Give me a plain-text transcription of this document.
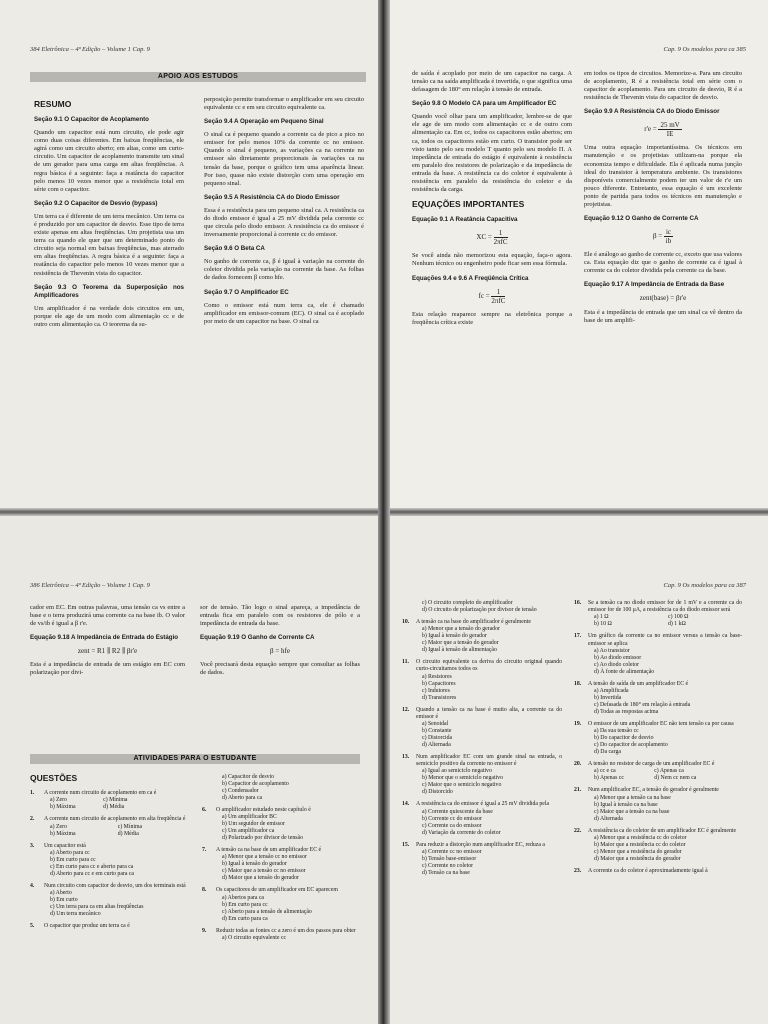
384 Eletrônica – 4ª Edição – Volume 1 Cap. 9
APOIO AOS ESTUDOS
RESUMO
Seção 9.1 O Capacitor de Acoplamento

Quando um capacitor está num circuito, ele pode agir como duas coisas diferentes. Em baixas freqüências, ele agirá como um circuito aberto; em altas, como um curto-circuito. Um capacitor de acoplamento transmite um sinal de um gerador para uma carga em altas freqüências. A regra básica é a seguinte: faça a reatância do capacitor pelo menos 10 vezes menor que a resistência total em série com o capacitor.

Seção 9.2 O Capacitor de Desvio (bypass)

Um terra ca é diferente de um terra mecânico. Um terra ca é produzido por um capacitor de desvio. Esse tipo de terra existe apenas em altas freqüências. Um projetista usa um terra ca quando ele quer que um determinado ponto do circuito seja normal em baixas freqüências, mas aterrado em altas freqüências. A regra básica é a seguinte: faça a reatância do capacitor pelo menos 10 vezes menor que a resistência de Thevenin vista do capacitor.

Seção 9.3 O Teorema da Superposição nos Amplificadores

Um amplificador é na verdade dois circuitos em um, porque ele age de um modo com alimentação cc e de outro com alimentação ca. O teorema da su-

perposição permite transformar o amplificador em seu circuito equivalente cc e em seu circuito equivalente ca.

Seção 9.4 A Operação em Pequeno Sinal

O sinal ca é pequeno quando a corrente ca de pico a pico no emissor for pelo menos 10% da corrente cc no emissor. Quando o sinal é pequeno, as variações ca na corrente no emissor são diretamente proporcionais às variações ca na tensão da base, porque o gráfico tem uma aparência linear. Por isso, quase não existe distorção com uma operação em pequeno sinal.

Seção 9.5 A Resistência CA do Diodo Emissor

Essa é a resistência para um pequeno sinal ca. A resistência ca do diodo emissor é igual a 25 mV dividida pela corrente cc que circula pelo diodo emissor. A resistência ca do emissor é inversamente proporcional à corrente cc do emissor.

Seção 9.6 O Beta CA

No ganho de corrente ca, β é igual à variação na corrente do coletor dividida pela variação na corrente da base. As folhas de dados fornecem β como hfe.

Seção 9.7 O Amplificador EC

Como o emissor está num terra ca, ele é chamado amplificador em emissor-comum (EC). O sinal ca é acoplado por meio de um capacitor na base. O sinal ca

Cap. 9 Os modelos para ca 385

de saída é acoplado por meio de um capacitor na carga. A tensão ca na saída amplificada é invertida, o que significa uma defasagem de 180° em relação à tensão de entrada.

Seção 9.8 O Modelo CA para um Amplificador EC

Quando você olhar para um amplificador, lembre-se de que ele age de um modo com alimentação cc e de outro com alimentação ca. Em cc, todos os capacitores estão abertos; em ca, todos os capacitores estão em curto. O transistor pode ser visto tanto pelo seu modelo T quanto pelo seu modelo Π. A impedância de entrada do estágio é equivalente à resistência em paralelo dos resistores de polarização e da impedância de entrada da base. A resistência ca do coletor é equivalente à resistência em paralelo da resistência do coletor e da resistência da carga.

EQUAÇÕES IMPORTANTES
Equação 9.1 A Reatância Capacitiva
XC = $\frac{1}{\text{2πfC}}$

Se você ainda não memorizou esta equação, faça-o agora. Nenhum técnico ou engenheiro pode ficar sem essa fórmula.

Equações 9.4 e 9.6 A Freqüência Crítica
fc = $\frac{1}{\text{2πfC}}$

Esta relação reaparece sempre na eletrônica porque a freqüência crítica existe

em todos os tipos de circuitos. Memorize-a. Para um circuito de acoplamento, R é a resistência total em série com o capacitor de acoplamento. Para um circuito de desvio, R é a resistência de Thevenin vista do capacitor de desvio.

Seção 9.9 A Resistência CA do Diodo Emissor
$r'e = \frac{25 mV}{IE}$

Uma outra equação importantíssima. Os técnicos em manutenção e os projetistas utilizam-na porque ela economiza tempo e dificuldade. Ela é aplicada numa junção ideal do transistor à temperatura ambiente. Os transistores disponíveis comercialmente podem ter um valor de r'e um pouco diferente. Entretanto, essa equação é um excelente ponto de partida para todos os técnicos em manutenção e projetistas.

Equação 9.12 O Ganho de Corrente CA
$\beta = \frac{ic}{ib}$

Ele é análogo ao ganho de corrente cc, exceto que usa valores ca. Esta equação diz que o ganho de corrente ca é igual à corrente ca do coletor dividida pela corrente ca da base.

Equação 9.17 A Impedância de Entrada da Base
zent(base) = βr'e

Esta é a impedância de entrada que um sinal ca vê dentro da base de um amplifi-

386 Eletrônica – 4ª Edição – Volume 1 Cap. 9

cador em EC. Em outras palavras, uma tensão ca vs entre a base e o terra produzirá uma corrente ca na base ib. O valor de vs/ib é igual a β r'e.

Equação 9.18 A Impedância de Entrada do Estágio
zent = R1 ∥ R2 ∥ βr'e

Esta é a impedância de entrada de um estágio em EC com polarização por divi-

sor de tensão. Tão logo o sinal apareça, a impedância de entrada fica em paralelo com os resistores de pólo e a impedância de entrada da base.

Equação 9.19 O Ganho de Corrente CA
β = hfe

Você precisará desta equação sempre que consultar as folhas de dados.

ATIVIDADES PARA O ESTUDANTE
QUESTÕES
1.	A corrente num circuito de acoplamento em ca é
a) Zero	c) Mínima
b) Máxima	d) Média
2.	A corrente num circuito de acoplamento em alta freqüência é
a) Zero	c) Mínima
b) Máxima	d) Média
3.	Um capacitor está
a) Aberto para cc
b) Em curto para cc
c) Em curto para cc e aberto para ca
d) Aberto para cc e em curto para ca
4.	Num circuito com capacitor de desvio, um dos terminais está
a) Aberto
b) Em curto
c) Um terra para ca em altas freqüências
d) Um terra mecânico
5.	O capacitor que produz um terra ca é
a) Capacitor de desvio
b) Capacitor de acoplamento
c) Condensador
d) Aberto para ca
6.	O amplificador estudado neste capítulo é
a) Um amplificador BC
b) Um seguidor de emissor
c) Um amplificador ca
d) Polarizado por divisor de tensão
7.	A tensão ca na base de um amplificador EC é
a) Menor que a tensão cc no emissor
b) Igual à tensão do gerador
c) Maior que a tensão cc no emissor
d) Maior que a tensão do gerador
8.	Os capacitores de um amplificador em EC aparecem
a) Abertos para ca
b) Em curto para cc
c) Aberto para a tensão de alimentação
d) Em curto para ca
9.	Reduzir todas as fontes cc a zero é um dos passos para obter
a) O circuito equivalente cc
Cap. 9 Os modelos para ca 387
c) O circuito completo do amplificador
d) O circuito de polarização por divisor de tensão
10.	A tensão ca na base do amplificador é geralmente
a) Menor que a tensão do gerador
b) Igual à tensão do gerador
c) Maior que a tensão do gerador
d) Igual à tensão de alimentação
11.	O circuito equivalente ca deriva do circuito original quando curto-circuitamos todos os
a) Resistores
b) Capacitores
c) Indutores
d) Transistores
12.	Quando a tensão ca na base é muito alta, a corrente ca do emissor é
a) Senoidal
b) Constante
c) Distorcida
d) Alternada
13.	Num amplificador EC com um grande sinal na entrada, o semiciclo positivo da corrente no emissor é
a) Igual ao semiciclo negativo
b) Menor que o semiciclo negativo
c) Maior que o semiciclo negativo
d) Distorcido
14.	A resistência ca do emissor é igual a 25 mV dividida pela
a) Corrente quiescente da base
b) Corrente cc do emissor
c) Corrente ca do emissor
d) Variação da corrente do coletor
15.	Para reduzir a distorção num amplificador EC, reduza a
a) Corrente cc no emissor
b) Tensão base-emissor
c) Corrente no coletor
d) Tensão ca na base
16.	Se a tensão ca no diodo emissor for de 1 mV e a corrente ca do emissor for de 100 μA, a resistência ca do diodo emissor será
a) 1 Ω	c) 100 Ω
b) 10 Ω	d) 1 kΩ
17.	Um gráfico da corrente ca no emissor versus a tensão ca base-emissor se aplica
a) Ao transistor
b) Ao diodo emissor
c) Ao diodo coletor
d) À fonte de alimentação
18.	A tensão de saída de um amplificador EC é
a) Amplificada
b) Invertida
c) Defasada de 180° em relação à entrada
d) Todas as respostas acima
19.	O emissor de um amplificador EC não tem tensão ca por causa
a) Da sua tensão cc
b) Do capacitor de desvio
c) Do capacitor de acoplamento
d) Da carga
20.	A tensão no resistor de carga de um amplificador EC é
a) cc e ca	c) Apenas ca
b) Apenas cc	d) Nem cc nem ca
21.	Num amplificador EC, a tensão do gerador é geralmente
a) Menor que a tensão ca na base
b) Igual à tensão ca na base
c) Maior que a tensão ca na base
d) Alternada
22.	A resistência ca do coletor de um amplificador EC é geralmente
a) Menor que a resistência cc do coletor
b) Maior que a resistência cc do coletor
c) Menor que a resistência do gerador
d) Maior que a resistência do gerador
23.	A corrente ca do coletor é aproximadamente igual à
